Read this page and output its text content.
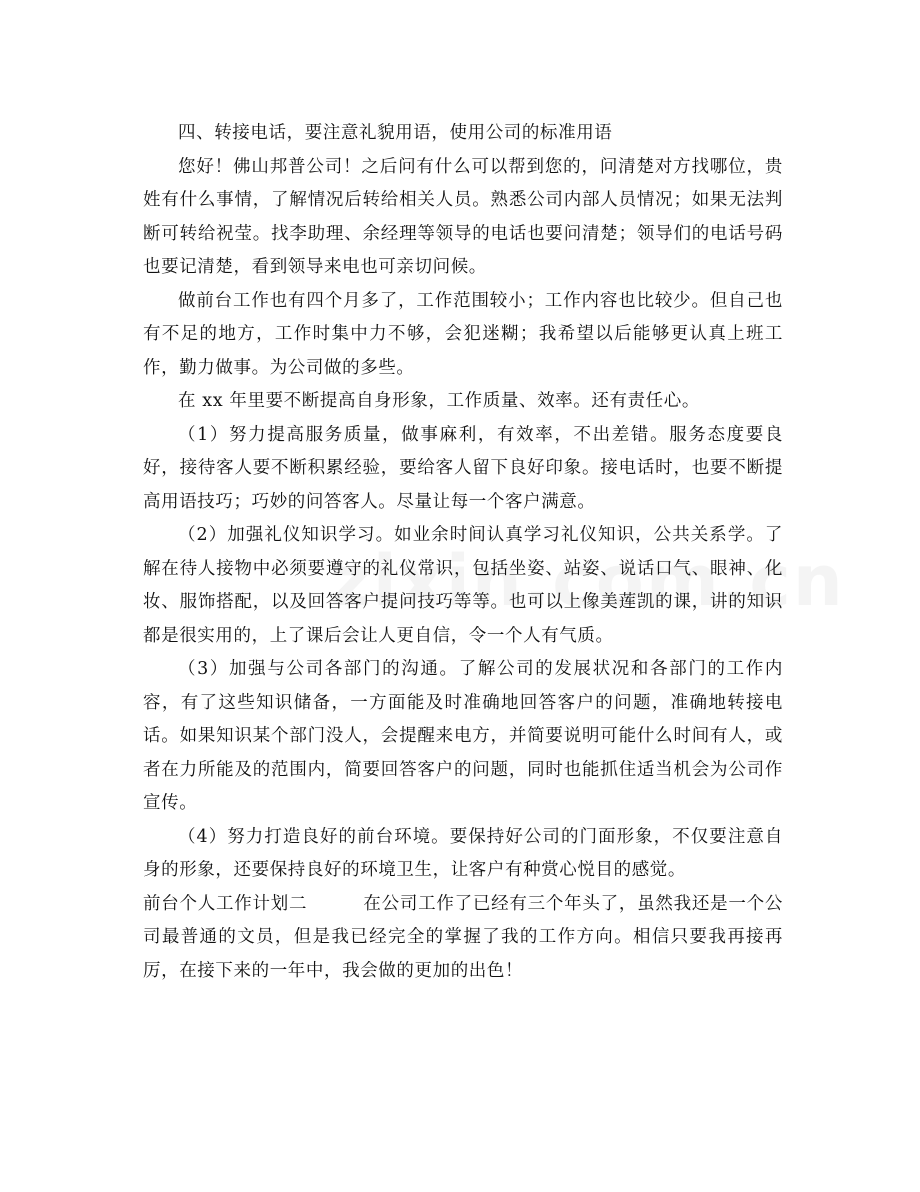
四、转接电话，要注意礼貌用语，使用公司的标准用语

您好！佛山邦普公司！之后问有什么可以帮到您的，问清楚对方找哪位，贵姓有什么事情，了解情况后转给相关人员。熟悉公司内部人员情况；如果无法判断可转给祝莹。找李助理、余经理等领导的电话也要问清楚；领导们的电话号码也要记清楚，看到领导来电也可亲切问候。

做前台工作也有四个月多了，工作范围较小；工作内容也比较少。但自己也有不足的地方，工作时集中力不够，会犯迷糊；我希望以后能够更认真上班工作，勤力做事。为公司做的多些。

在 xx 年里要不断提高自身形象，工作质量、效率。还有责任心。

（1）努力提高服务质量，做事麻利，有效率，不出差错。服务态度要良好，接待客人要不断积累经验，要给客人留下良好印象。接电话时，也要不断提高用语技巧；巧妙的问答客人。尽量让每一个客户满意。

（2）加强礼仪知识学习。如业余时间认真学习礼仪知识，公共关系学。了解在待人接物中必须要遵守的礼仪常识，包括坐姿、站姿、说话口气、眼神、化妆、服饰搭配，以及回答客户提问技巧等等。也可以上像美莲凯的课，讲的知识都是很实用的，上了课后会让人更自信，令一个人有气质。

（3）加强与公司各部门的沟通。了解公司的发展状况和各部门的工作内容，有了这些知识储备，一方面能及时准确地回答客户的问题，准确地转接电话。如果知识某个部门没人，会提醒来电方，并简要说明可能什么时间有人，或者在力所能及的范围内，简要回答客户的问题，同时也能抓住适当机会为公司作宣传。

（4）努力打造良好的前台环境。要保持好公司的门面形象，不仅要注意自身的形象，还要保持良好的环境卫生，让客户有种赏心悦目的感觉。

前台个人工作计划二	在公司工作了已经有三个年头了，虽然我还是一个公司最普通的文员，但是我已经完全的掌握了我的工作方向。相信只要我再接再厉，在接下来的一年中，我会做的更加的出色！
